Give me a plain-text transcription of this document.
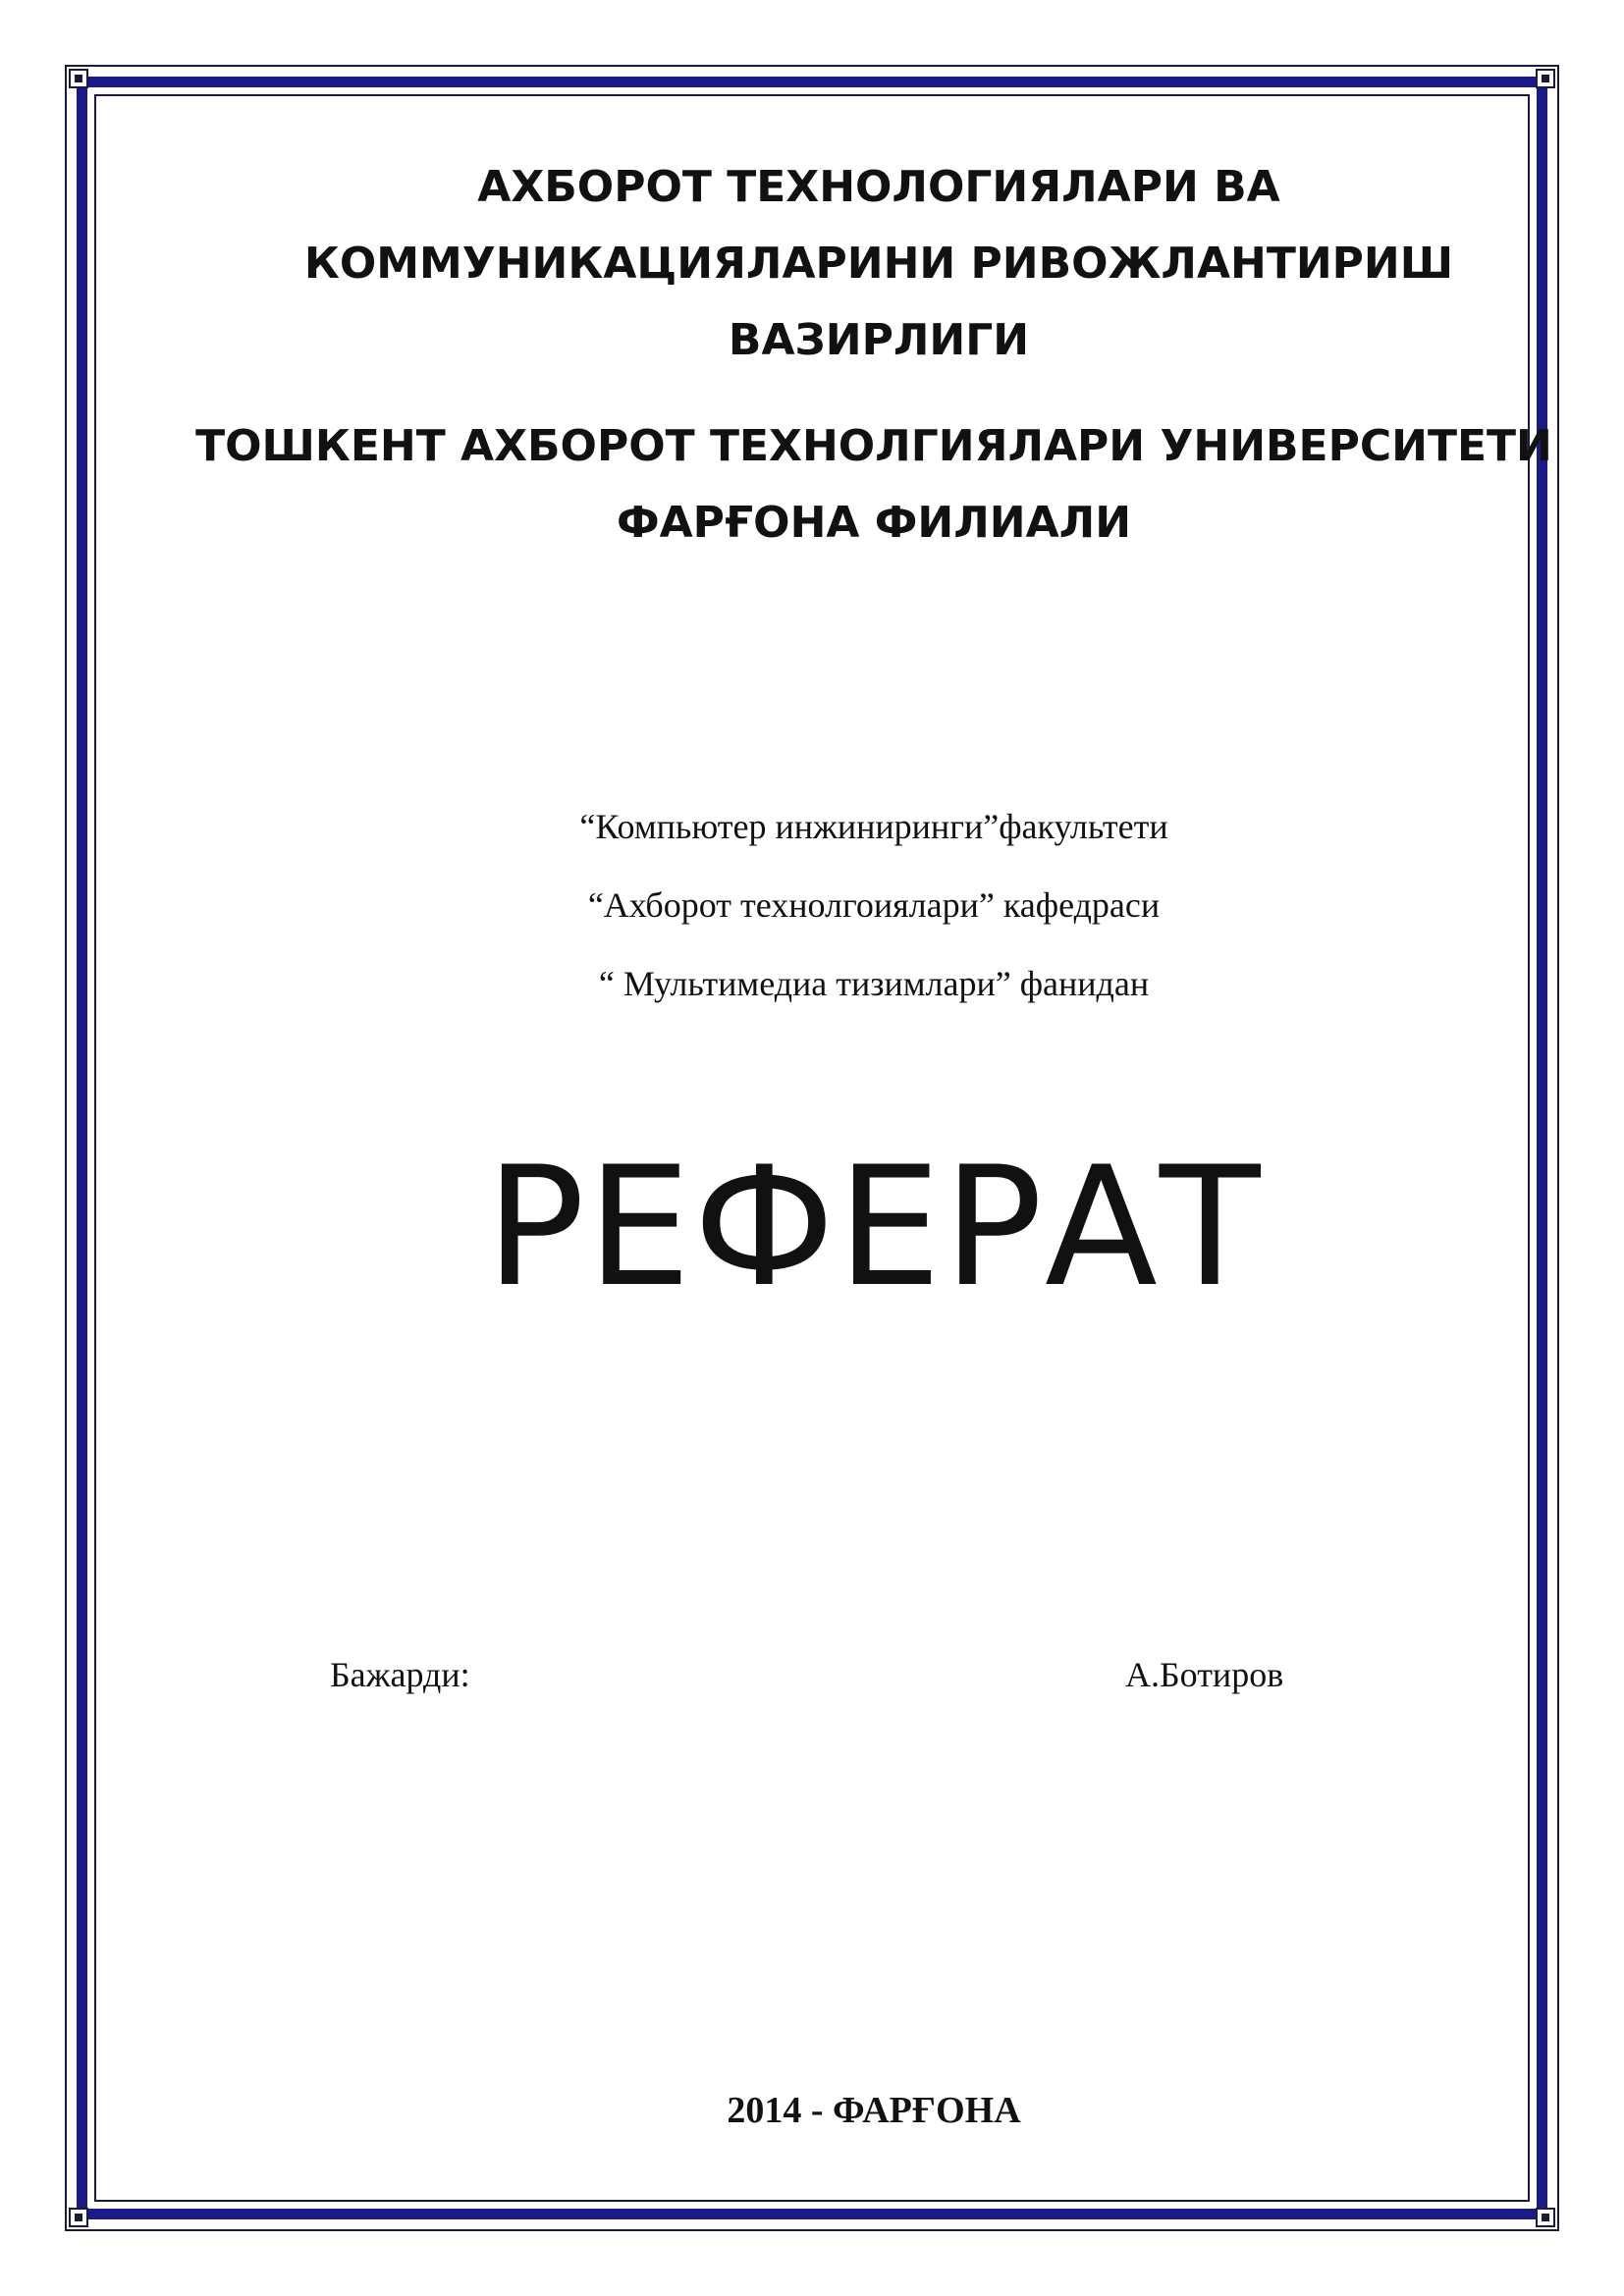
АХБОРОТ ТЕХНОЛОГИЯЛАРИ ВА КОММУНИКАЦИЯЛАРИНИ РИВОЖЛАНТИРИШ ВАЗИРЛИГИ
ТОШКЕНТ АХБОРОТ ТЕХНОЛГИЯЛАРИ УНИВЕРСИТЕТИ ФАРҒОНА ФИЛИАЛИ
“Компьютер инжиниринги”факультети
“Ахборот технолгоиялари” кафедраси
“ Мультимедиа тизимлари” фанидан
РЕФЕРАТ
Бажарди:	А.Ботиров
2014 - ФАРҒОНА
